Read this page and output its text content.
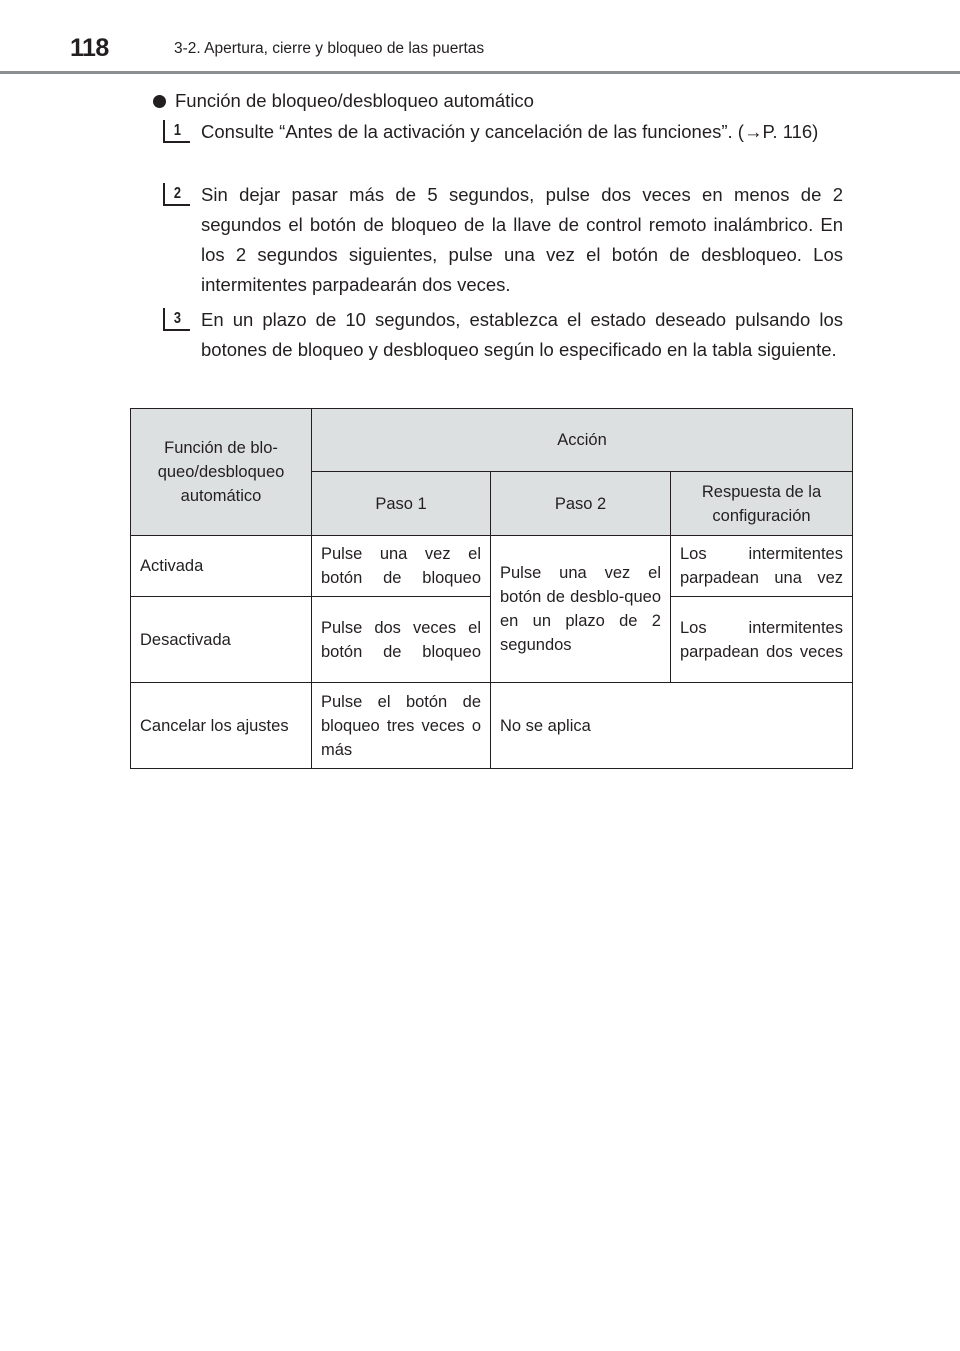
118	3-2. Apertura, cierre y bloqueo de las puertas
Función de bloqueo/desbloqueo automático
1	Consulte “Antes de la activación y cancelación de las funciones”. (→P. 116)
2	Sin dejar pasar más de 5 segundos, pulse dos veces en menos de 2 segundos el botón de bloqueo de la llave de control remoto inalámbrico. En los 2 segundos siguientes, pulse una vez el botón de desbloqueo. Los intermitentes parpadearán dos veces.
3	En un plazo de 10 segundos, establezca el estado deseado pulsando los botones de bloqueo y desbloqueo según lo especificado en la tabla siguiente.
Función de blo-queo/desbloqueo automático	Acción		
	Paso 1	Paso 2	Respuesta de la configuración
Activada	Pulse una vez el botón de bloqueo	Pulse una vez el botón de desblo-queo en un plazo de 2 segundos	Los intermitentes parpadean una vez
Desactivada	Pulse dos veces el botón de bloqueo		Los intermitentes parpadean dos veces
Cancelar los ajustes	Pulse el botón de bloqueo tres veces o más	No se aplica	
